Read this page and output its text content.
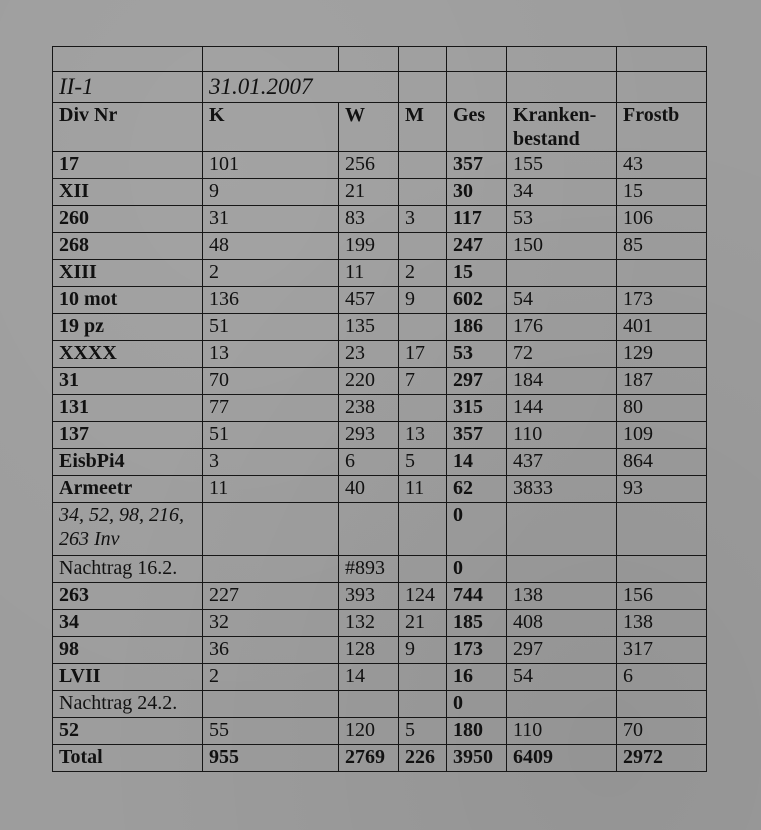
II-1	31.01.2007					
Div Nr	K	W	M	Ges	Kranken-bestand	Frostb
17	101	256		357	155	43
XII	9	21		30	34	15
260	31	83	3	117	53	106
268	48	199		247	150	85
XIII	2	11	2	15		
10 mot	136	457	9	602	54	173
19 pz	51	135		186	176	401
XXXX	13	23	17	53	72	129
31	70	220	7	297	184	187
131	77	238		315	144	80
137	51	293	13	357	110	109
EisbPi4	3	6	5	14	437	864
Armeetr	11	40	11	62	3833	93
34, 52, 98, 216, 263 Inv				0		
Nachtrag 16.2.		#893		0		
263	227	393	124	744	138	156
34	32	132	21	185	408	138
98	36	128	9	173	297	317
LVII	2	14		16	54	6
Nachtrag 24.2.				0		
52	55	120	5	180	110	70
Total	955	2769	226	3950	6409	2972
